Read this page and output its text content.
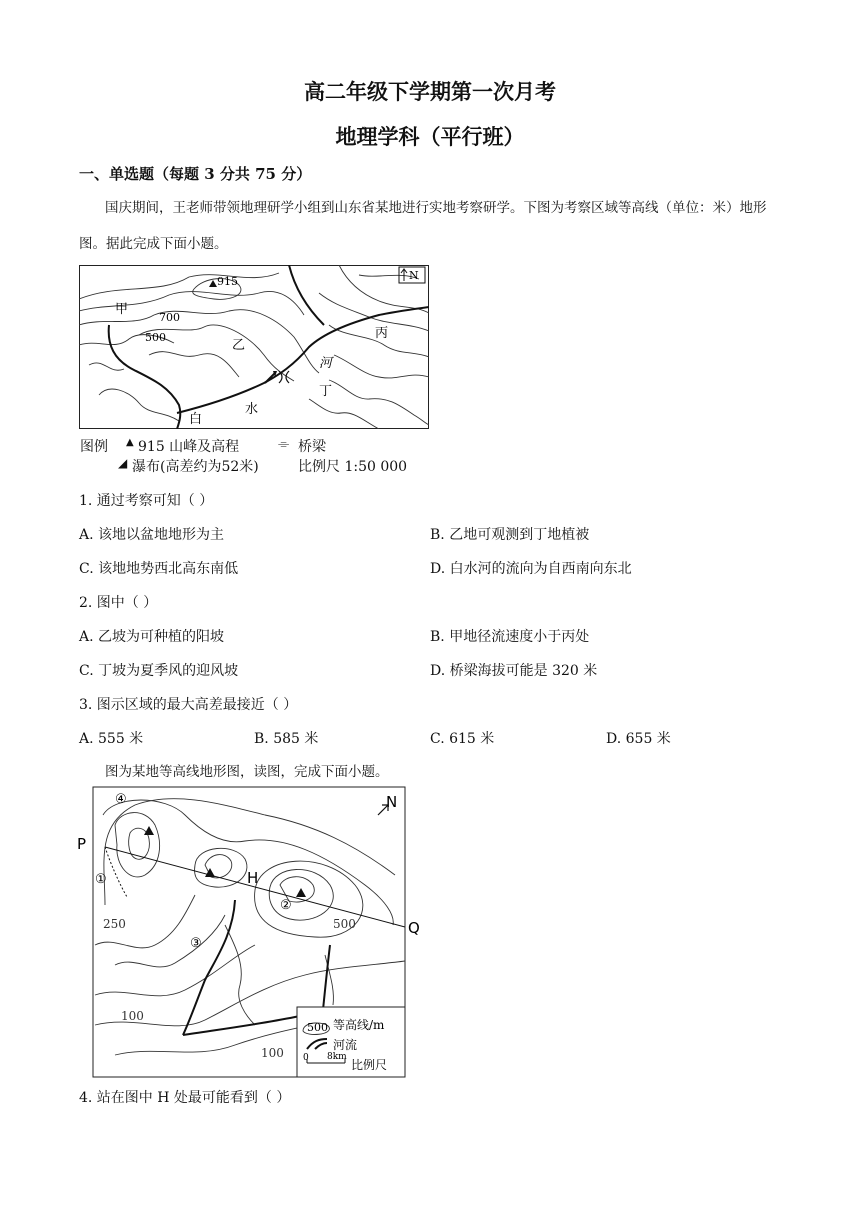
高二年级下学期第一次月考
地理学科（平行班）
一、单选题（每题 3 分共 75 分）
国庆期间，王老师带领地理研学小组到山东省某地进行实地考察研学。下图为考察区域等高线（单位：米）地形图。据此完成下面小题。
915	N
甲
700
500
乙
丙
河
丁
白
水
图例 ▲ 915 山峰及高程	⌯ 桥梁
◢ 瀑布(高差约为52米)	比例尺 1:50 000
1. 通过考察可知（ ）
A. 该地以盆地地形为主	B. 乙地可观测到丁地植被
C. 该地地势西北高东南低	D. 白水河的流向为自西南向东北
2. 图中（ ）
A. 乙坡为可种植的阳坡	B. 甲地径流速度小于丙处
C. 丁坡为夏季风的迎风坡	D. 桥梁海拔可能是 320 米
3. 图示区域的最大高差最接近（ ）
A. 555 米	B. 585 米	C. 615 米	D. 655 米
图为某地等高线地形图，读图，完成下面小题。
N
P
Q
H
①
②
③
④
250	500
100
100
500 等高线/m
河流
0 8km
比例尺
4. 站在图中 H 处最可能看到（ ）
